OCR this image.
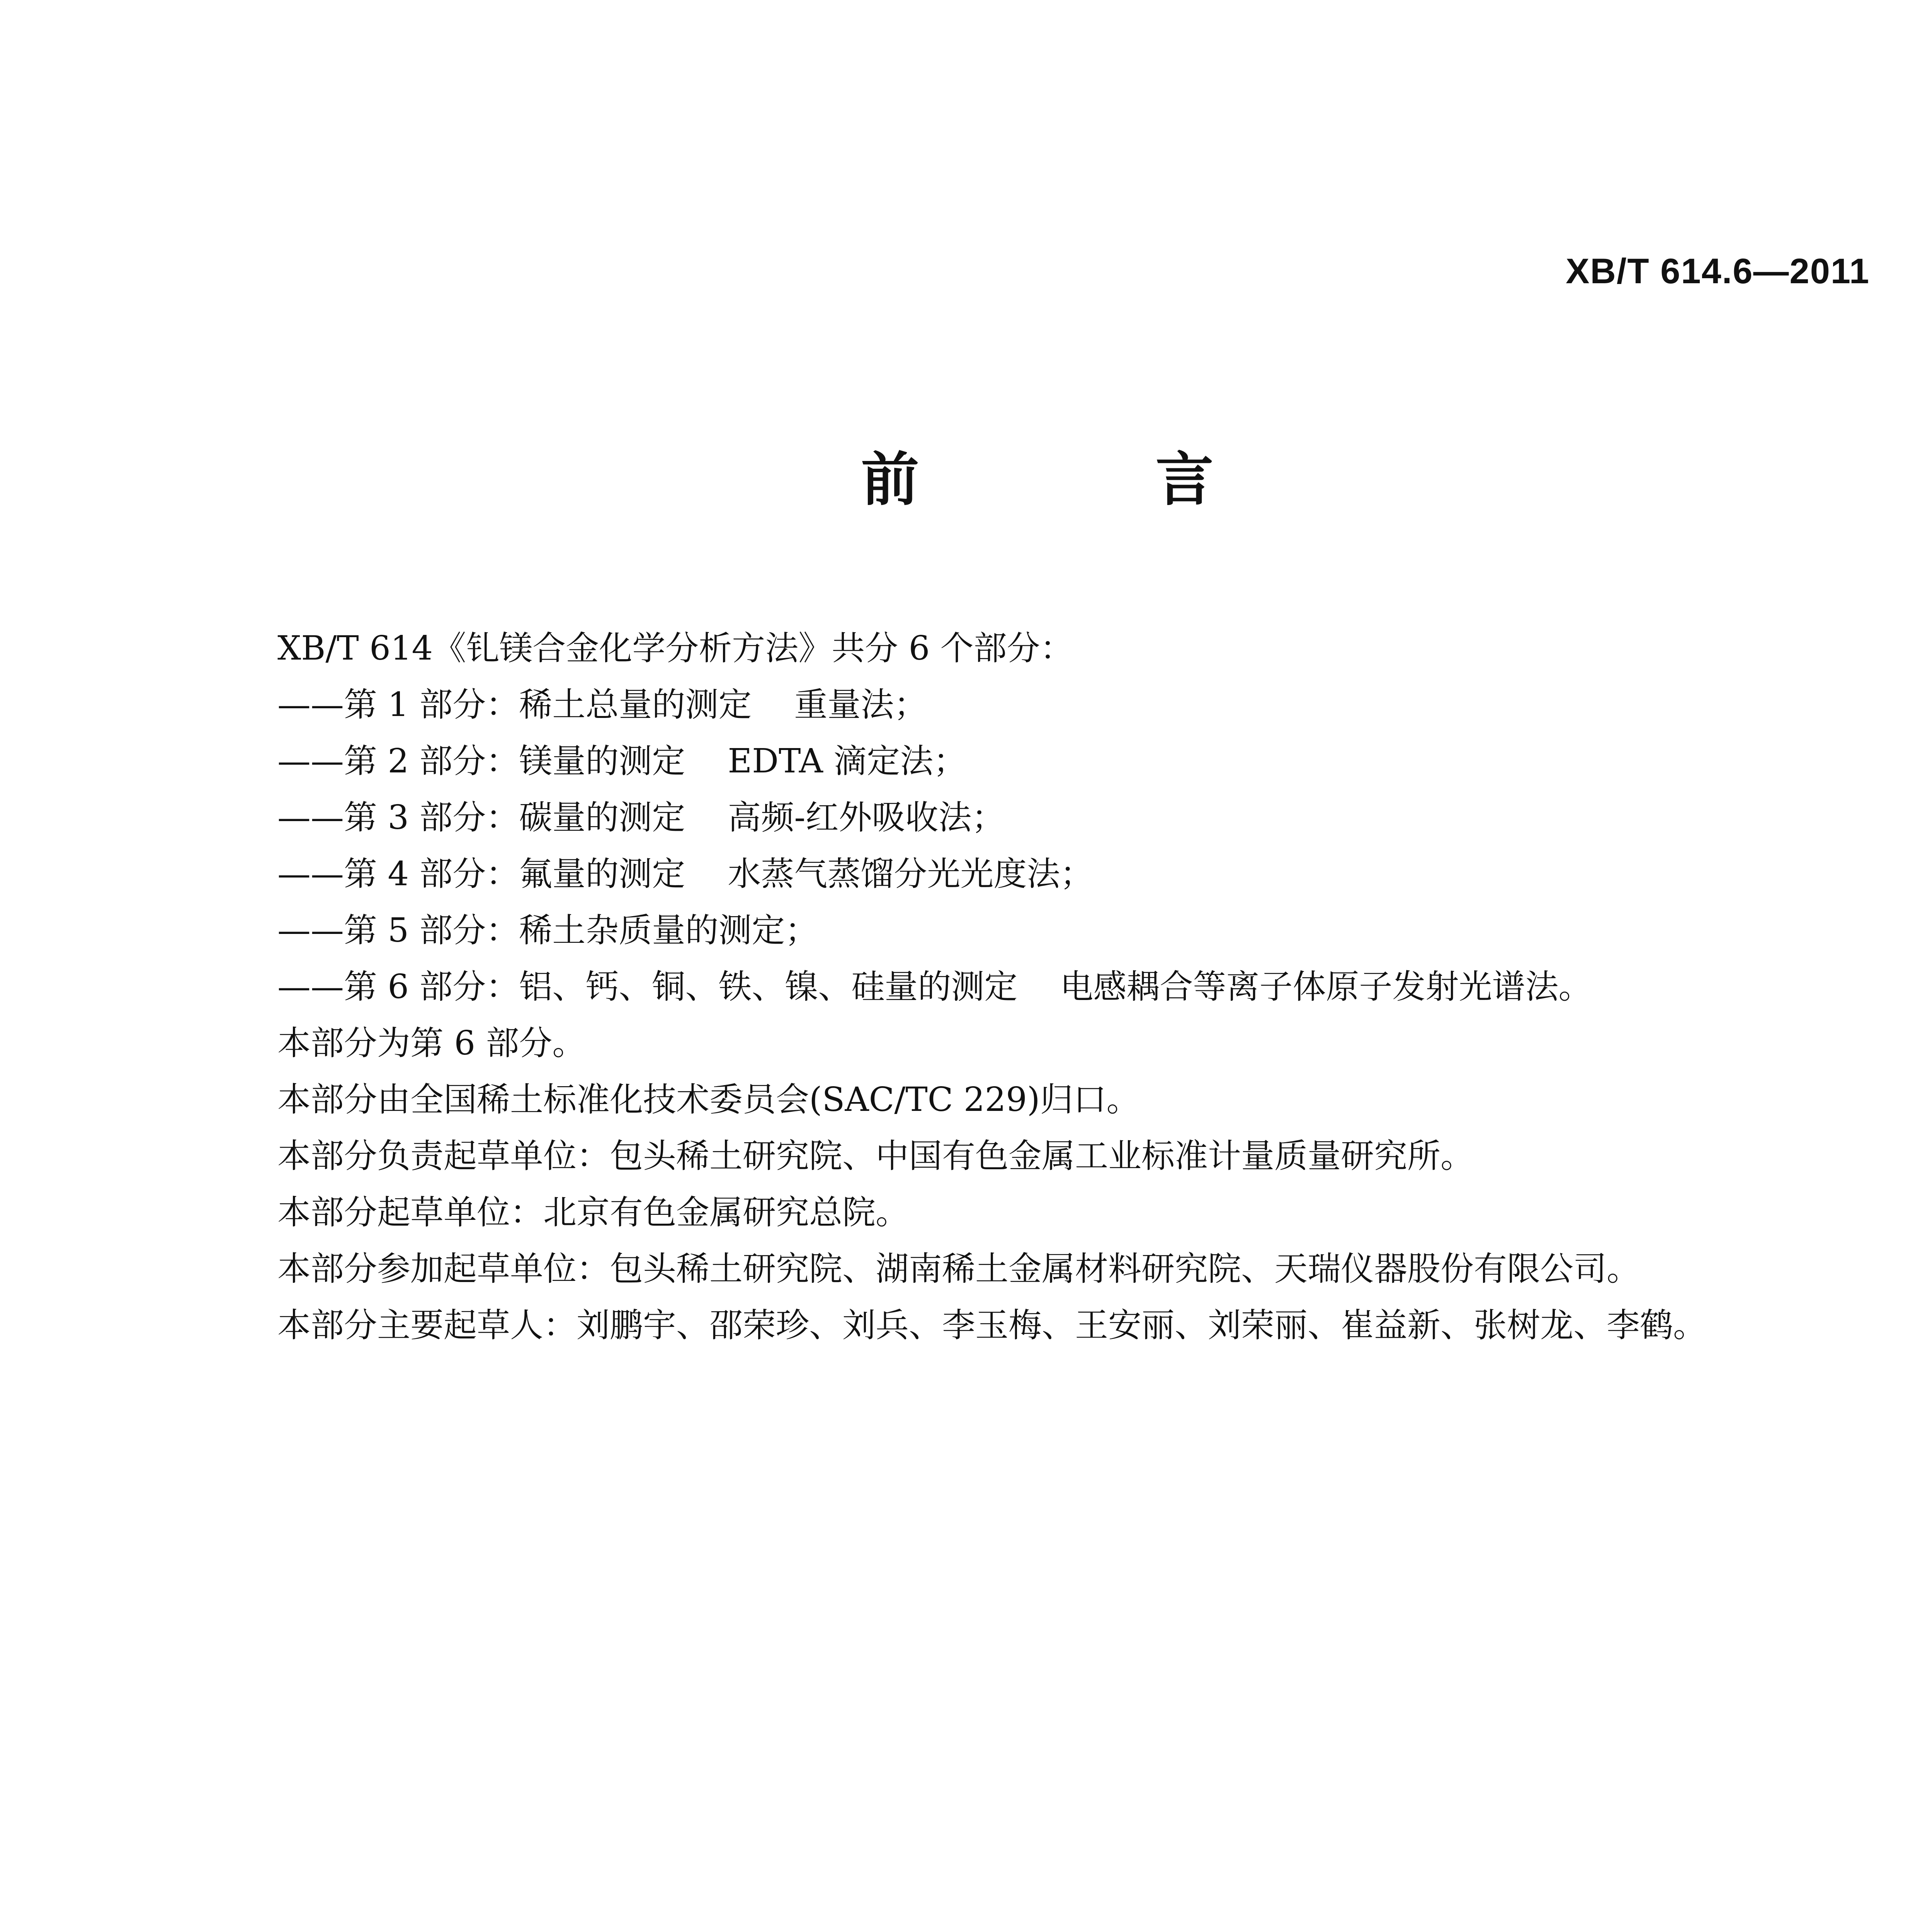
XB/T 614.6—2011
前 言
XB/T 614《钆镁合金化学分析方法》共分 6 个部分：
——第 1 部分：稀土总量的测定 重量法；
——第 2 部分：镁量的测定 EDTA 滴定法；
——第 3 部分：碳量的测定 高频-红外吸收法；
——第 4 部分：氟量的测定 水蒸气蒸馏分光光度法；
——第 5 部分：稀土杂质量的测定；
——第 6 部分：铝、钙、铜、铁、镍、硅量的测定 电感耦合等离子体原子发射光谱法。
本部分为第 6 部分。
本部分由全国稀土标准化技术委员会(SAC/TC 229)归口。
本部分负责起草单位：包头稀土研究院、中国有色金属工业标准计量质量研究所。
本部分起草单位：北京有色金属研究总院。
本部分参加起草单位：包头稀土研究院、湖南稀土金属材料研究院、天瑞仪器股份有限公司。
本部分主要起草人：刘鹏宇、邵荣珍、刘兵、李玉梅、王安丽、刘荣丽、崔益新、张树龙、李鹤。
